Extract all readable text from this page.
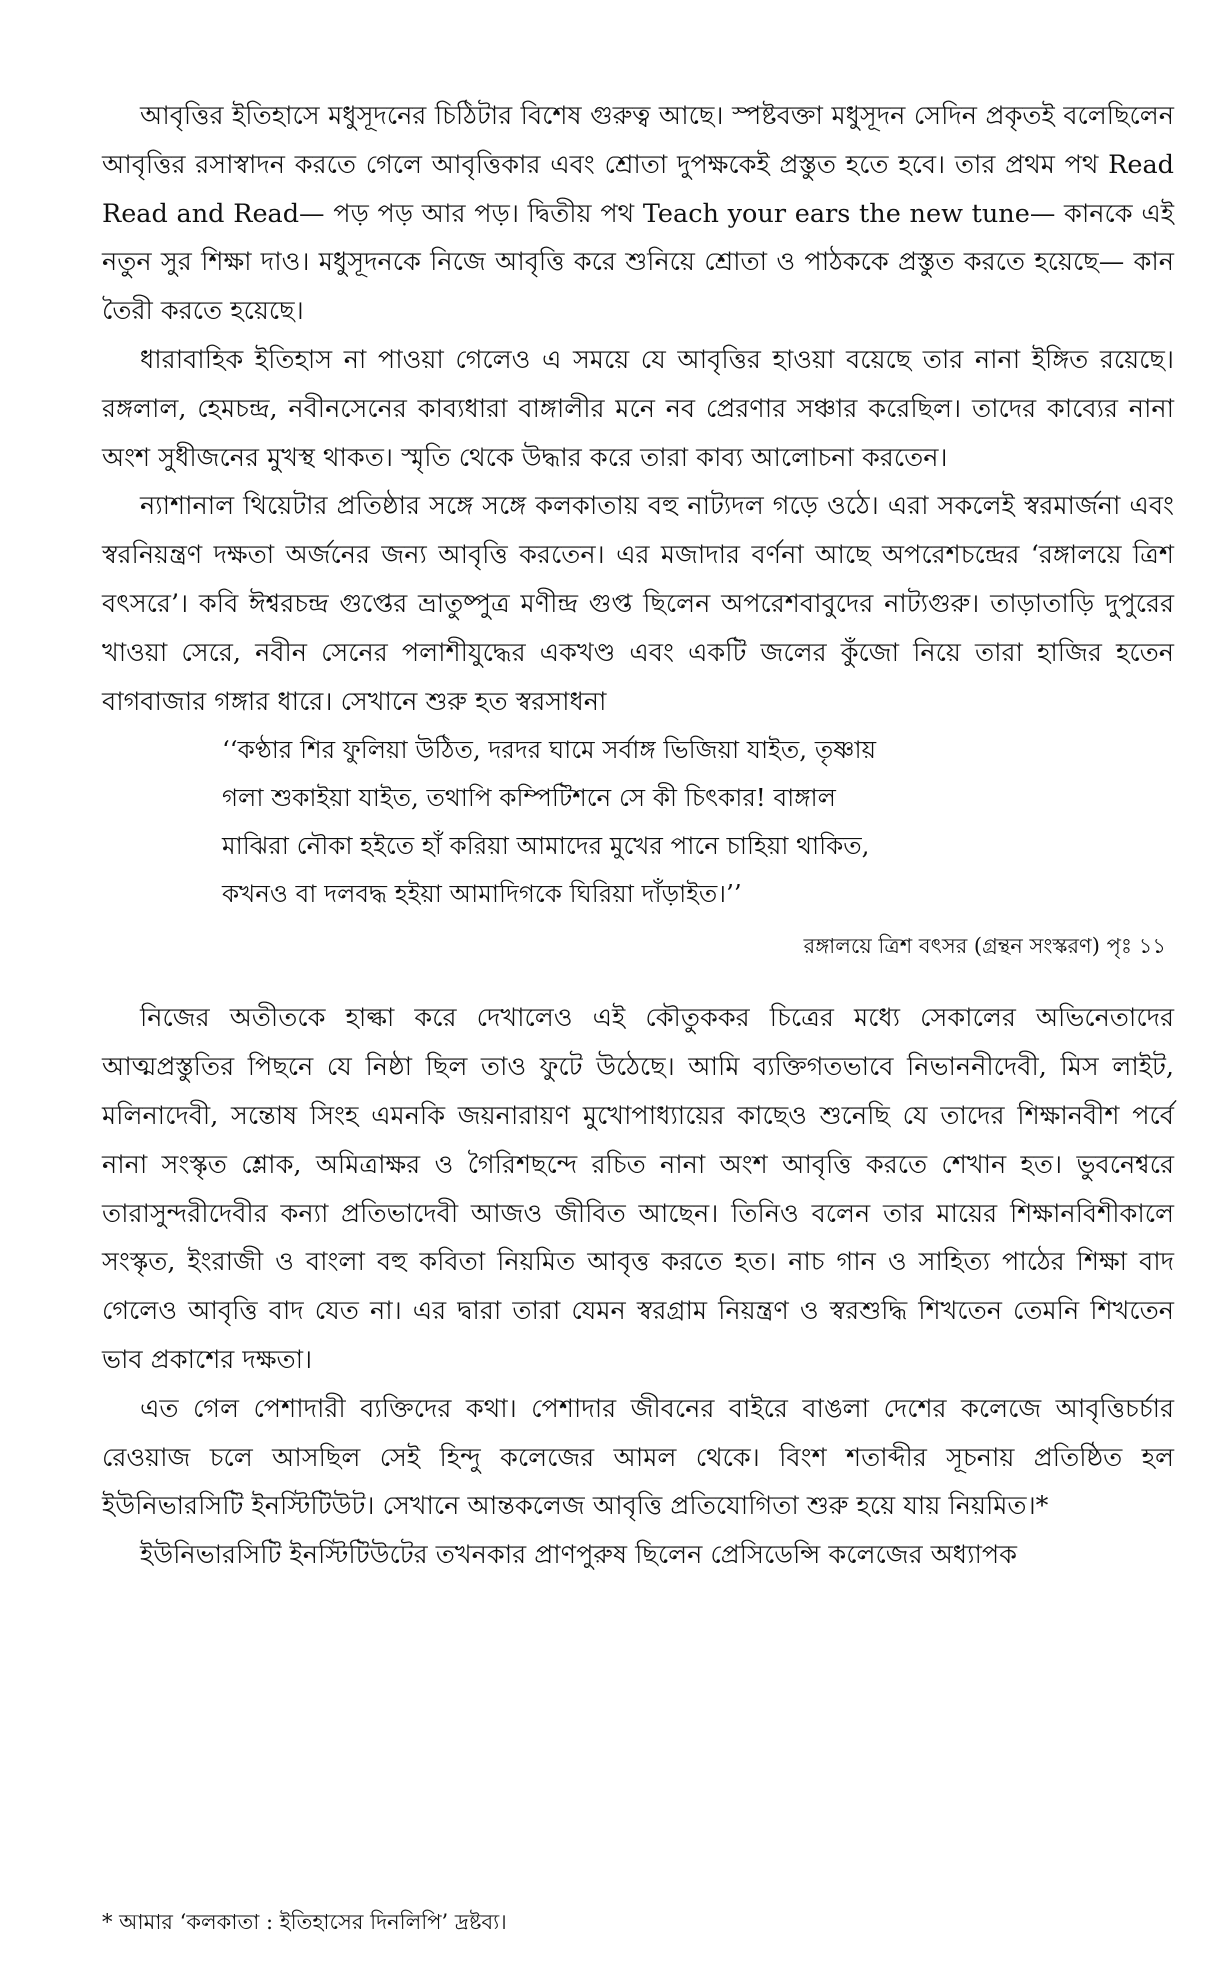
আবৃত্তির ইতিহাসে মধুসূদনের চিঠিটার বিশেষ গুরুত্ব আছে। স্পষ্টবক্তা মধুসূদন সেদিন প্রকৃতই বলেছিলেন আবৃত্তির রসাস্বাদন করতে গেলে আবৃত্তিকার এবং শ্রোতা দুপক্ষকেই প্রস্তুত হতে হবে। তার প্রথম পথ Read Read and Read— পড় পড় আর পড়। দ্বিতীয় পথ Teach your ears the new tune— কানকে এই নতুন সুর শিক্ষা দাও। মধুসূদনকে নিজে আবৃত্তি করে শুনিয়ে শ্রোতা ও পাঠককে প্রস্তুত করতে হয়েছে— কান তৈরী করতে হয়েছে।

ধারাবাহিক ইতিহাস না পাওয়া গেলেও এ সময়ে যে আবৃত্তির হাওয়া বয়েছে তার নানা ইঙ্গিত রয়েছে। রঙ্গলাল, হেমচন্দ্র, নবীনসেনের কাব্যধারা বাঙ্গালীর মনে নব প্রেরণার সঞ্চার করেছিল। তাদের কাব্যের নানা অংশ সুধীজনের মুখস্থ থাকত। স্মৃতি থেকে উদ্ধার করে তারা কাব্য আলোচনা করতেন।

ন্যাশানাল থিয়েটার প্রতিষ্ঠার সঙ্গে সঙ্গে কলকাতায় বহু নাট্যদল গড়ে ওঠে। এরা সকলেই স্বরমার্জনা এবং স্বরনিয়ন্ত্রণ দক্ষতা অর্জনের জন্য আবৃত্তি করতেন। এর মজাদার বর্ণনা আছে অপরেশচন্দ্রের ‘রঙ্গালয়ে ত্রিশ বৎসরে’। কবি ঈশ্বরচন্দ্র গুপ্তের ভ্রাতুষ্পুত্র মণীন্দ্র গুপ্ত ছিলেন অপরেশবাবুদের নাট্যগুরু। তাড়াতাড়ি দুপুরের খাওয়া সেরে, নবীন সেনের পলাশীযুদ্ধের একখণ্ড এবং একটি জলের কুঁজো নিয়ে তারা হাজির হতেন বাগবাজার গঙ্গার ধারে। সেখানে শুরু হত স্বরসাধনা

‘‘কণ্ঠার শির ফুলিয়া উঠিত, দরদর ঘামে সর্বাঙ্গ ভিজিয়া যাইত, তৃষ্ণায়
গলা শুকাইয়া যাইত, তথাপি কম্পিটিশনে সে কী চিৎকার! বাঙ্গাল
মাঝিরা নৌকা হইতে হাঁ করিয়া আমাদের মুখের পানে চাহিয়া থাকিত,
কখনও বা দলবদ্ধ হইয়া আমাদিগকে ঘিরিয়া দাঁড়াইত।’’
রঙ্গালয়ে ত্রিশ বৎসর (গ্রন্থন সংস্করণ) পৃঃ ১১

নিজের অতীতকে হাল্কা করে দেখালেও এই কৌতুককর চিত্রের মধ্যে সেকালের অভিনেতাদের আত্মপ্রস্তুতির পিছনে যে নিষ্ঠা ছিল তাও ফুটে উঠেছে। আমি ব্যক্তিগতভাবে নিভাননীদেবী, মিস লাইট, মলিনাদেবী, সন্তোষ সিংহ এমনকি জয়নারায়ণ মুখোপাধ্যায়ের কাছেও শুনেছি যে তাদের শিক্ষানবীশ পর্বে নানা সংস্কৃত শ্লোক, অমিত্রাক্ষর ও গৈরিশছন্দে রচিত নানা অংশ আবৃত্তি করতে শেখান হত। ভুবনেশ্বরে তারাসুন্দরীদেবীর কন্যা প্রতিভাদেবী আজও জীবিত আছেন। তিনিও বলেন তার মায়ের শিক্ষানবিশীকালে সংস্কৃত, ইংরাজী ও বাংলা বহু কবিতা নিয়মিত আবৃত্ত করতে হত। নাচ গান ও সাহিত্য পাঠের শিক্ষা বাদ গেলেও আবৃত্তি বাদ যেত না। এর দ্বারা তারা যেমন স্বরগ্রাম নিয়ন্ত্রণ ও স্বরশুদ্ধি শিখতেন তেমনি শিখতেন ভাব প্রকাশের দক্ষতা।

এত গেল পেশাদারী ব্যক্তিদের কথা। পেশাদার জীবনের বাইরে বাঙলা দেশের কলেজে আবৃত্তিচর্চার রেওয়াজ চলে আসছিল সেই হিন্দু কলেজের আমল থেকে। বিংশ শতাব্দীর সূচনায় প্রতিষ্ঠিত হল ইউনিভারসিটি ইনস্টিটিউট। সেখানে আন্তকলেজ আবৃত্তি প্রতিযোগিতা শুরু হয়ে যায় নিয়মিত।*

ইউনিভারসিটি ইনস্টিটিউটের তখনকার প্রাণপুরুষ ছিলেন প্রেসিডেন্সি কলেজের অধ্যাপক

* আমার ‘কলকাতা : ইতিহাসের দিনলিপি’ দ্রষ্টব্য।
